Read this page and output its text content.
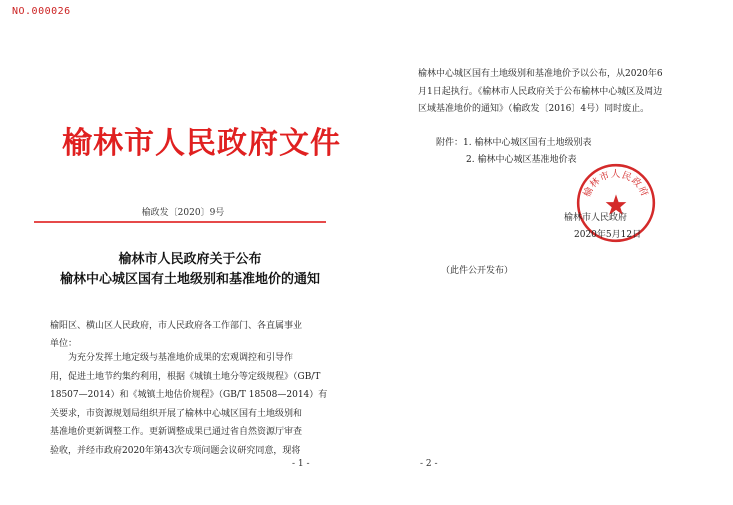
NO.000026
榆林市人民政府文件
榆政发〔2020〕9号
榆林市人民政府关于公布
榆林中心城区国有土地级别和基准地价的通知
榆阳区、横山区人民政府，市人民政府各工作部门、各直属事业
单位：
为充分发挥土地定级与基准地价成果的宏观调控和引导作
用，促进土地节约集约利用，根据《城镇土地分等定级规程》（GB/T
18507—2014）和《城镇土地估价规程》（GB/T 18508—2014）有
关要求，市资源规划局组织开展了榆林中心城区国有土地级别和
基准地价更新调整工作。更新调整成果已通过省自然资源厅审查
验收，并经市政府2020年第43次专项问题会议研究同意，现将
- 1 -
榆林中心城区国有土地级别和基准地价予以公布，从2020年6
月1日起执行。《榆林市人民政府关于公布榆林中心城区及周边
区域基准地价的通知》（榆政发〔2016〕4号）同时废止。
附件：1. 榆林中心城区国有土地级别表
2. 榆林中心城区基准地价表
榆林市人民政府
榆林市人民政府
2020年5月12日
（此件公开发布）
- 2 -
